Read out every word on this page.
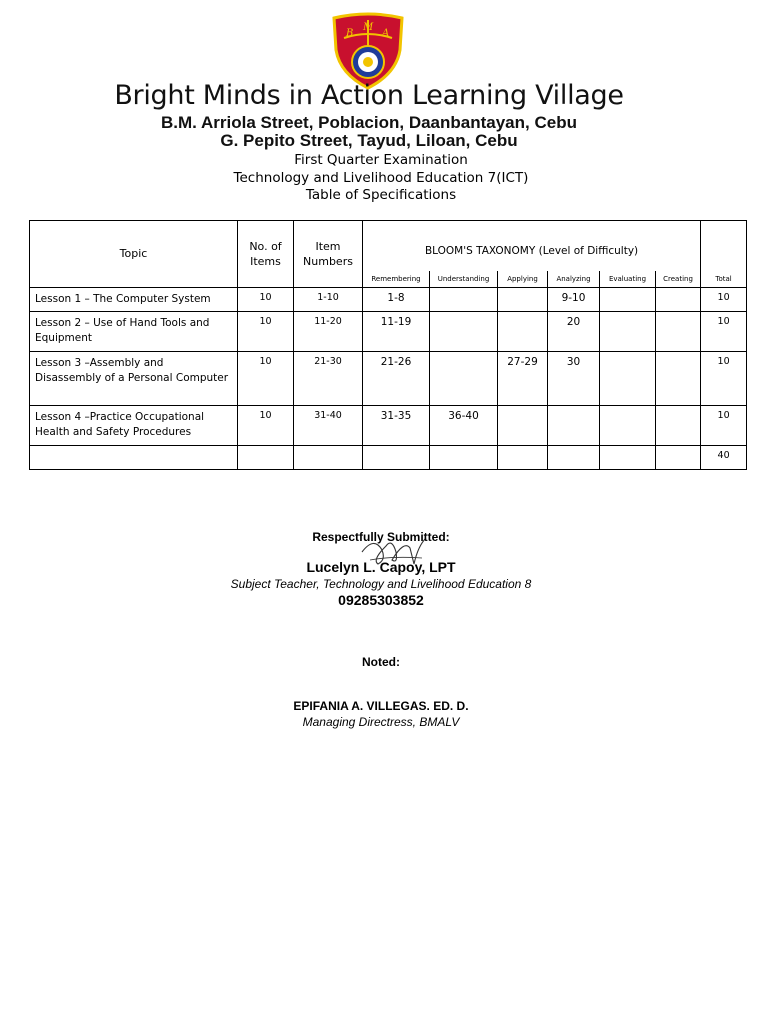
B
M
A
Bright Minds in Action Learning Village
B.M. Arriola Street, Poblacion, Daanbantayan, Cebu
G. Pepito Street, Tayud, Liloan, Cebu
First Quarter Examination
Technology and Livelihood Education 7(ICT)
Table of Specifications
Topic	No. of Items	Item Numbers	BLOOM'S TAXONOMY (Level of Difficulty)						
			Remembering	Understanding	Applying	Analyzing	Evaluating	Creating	Total
Lesson 1 – The Computer System	10	1-10	1-8			9-10			10
Lesson 2 – Use of Hand Tools and Equipment	10	11-20	11-19			20			10
Lesson 3 –Assembly and Disassembly of a Personal Computer	10	21-30	21-26		27-29	30			10
Lesson 4 –Practice Occupational Health and Safety Procedures	10	31-40	31-35	36-40					10
									40
Respectfully Submitted:
Lucelyn L. Capoy, LPT
Subject Teacher, Technology and Livelihood Education 8
09285303852
Noted:
EPIFANIA A. VILLEGAS. ED. D.
Managing Directress, BMALV
